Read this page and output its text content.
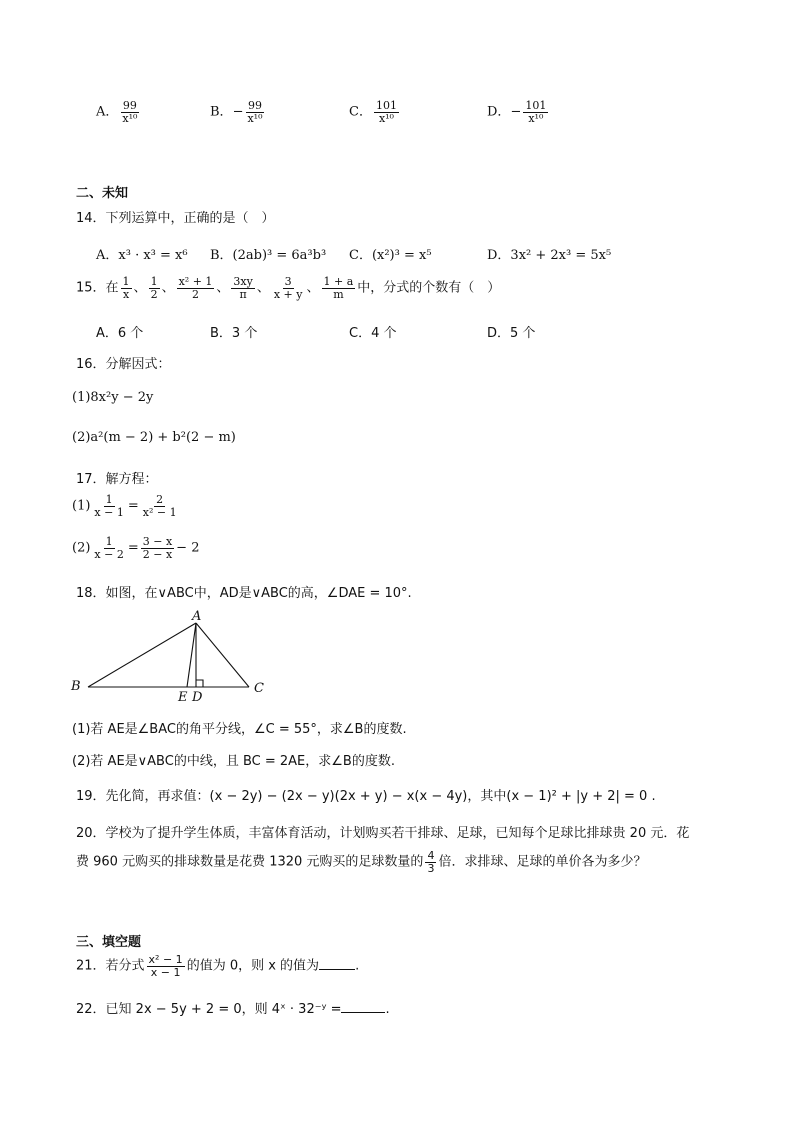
A． $\frac{99}{\text{x¹⁰}}$	B．− $\frac{99}{\text{x¹⁰}}$	C． $\frac{101}{\text{x¹⁰}}$	D．− $\frac{101}{\text{x¹⁰}}$
二、未知
14．下列运算中，正确的是（　）
A．x³ · x³ = x⁶ B．(2ab)³ = 6a³b³ C．(x²)³ = x⁵	D．3x² + 2x³ = 5x⁵
15．在 $\frac{1}{x}$ 、 $\frac{1}{2}$ 、 $\frac{\text{x² + 1}}{2}$ 、 $\frac{3xy}{\pi}$ 、 $\frac{3}{x + y}$ 、 $\frac{1 + a}{m}$ 中，分式的个数有（　）
A．6 个	B．3 个	C．4 个	D．5 个
16．分解因式：
(1)8x²y − 2y
(2)a²(m − 2) + b²(2 − m)
17．解方程：
$(1) \frac{1}{x - 1} = \frac{2}{\text{x² − 1}}$
$(2) \frac{1}{x - 2} = \frac{3 - x}{2 - x} - 2$
18．如图，在∨ABC中，AD是∨ABC的高，∠DAE = 10°.
A
B	C
E D
(1)若 AE是∠BAC的角平分线，∠C = 55°，求∠B的度数.
(2)若 AE是∨ABC的中线，且 BC = 2AE，求∠B的度数.
19．先化简，再求值：(x − 2y) − (2x − y)(2x + y) − x(x − 4y)，其中(x − 1)² + |y + 2| = 0 .
20．学校为了提升学生体质，丰富体育活动，计划购买若干排球、足球，已知每个足球比排球贵 20 元．花
费 960 元购买的排球数量是花费 1320 元购买的足球数量的 $\frac{4}{3}$ 倍．求排球、足球的单价各为多少？
三、填空题
21．若分式 $\frac{\text{x² − 1}}{x - 1}$ 的值为 0，则 x 的值为	.
22．已知 2x − 5y + 2 = 0，则 4ˣ · 32⁻ʸ =	.
